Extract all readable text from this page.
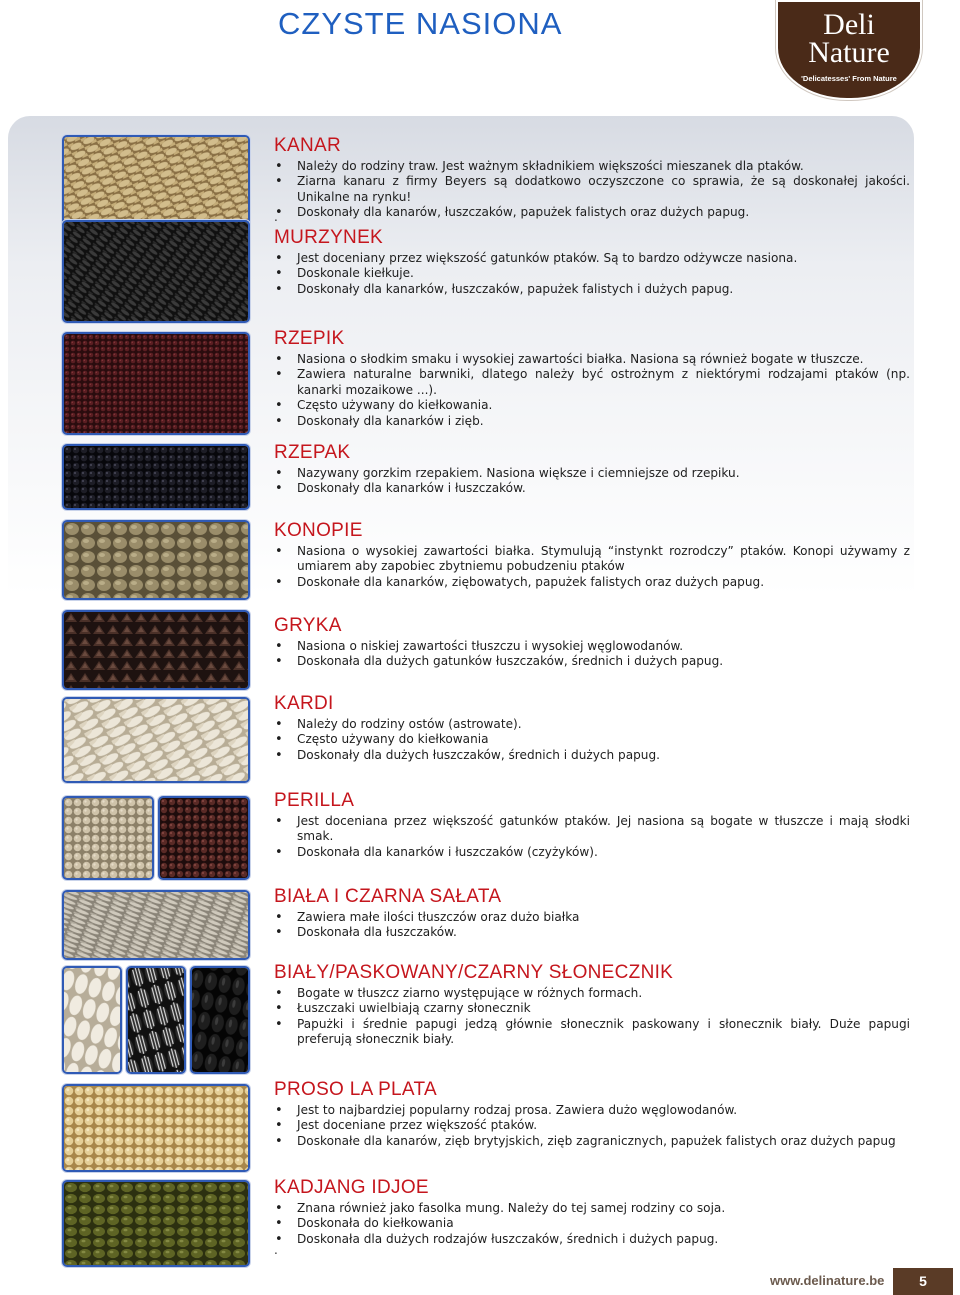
CZYSTE NASIONA	Deli
Nature
'Delicatesses' From Nature
KANAR
• Należy do rodziny traw. Jest ważnym składnikiem większości mieszanek dla ptaków.
• Ziarna kanaru z firmy Beyers są dodatkowo oczyszczone co sprawia, że są doskonałej jakości. Unikalne na rynku!
• Doskonały dla kanarów, łuszczaków, papużek falistych oraz dużych papug.
.
MURZYNEK
• Jest doceniany przez większość gatunków ptaków. Są to bardzo odżywcze nasiona.
• Doskonale kiełkuje.
• Doskonały dla kanarków, łuszczaków, papużek falistych i dużych papug.
RZEPIK
• Nasiona o słodkim smaku i wysokiej zawartości białka. Nasiona są również bogate w tłuszcze.
• Zawiera naturalne barwniki, dlatego należy być ostrożnym z niektórymi rodzajami ptaków (np. kanarki mozaikowe ...).
• Często używany do kiełkowania.
• Doskonały dla kanarków i zięb.
RZEPAK
• Nazywany gorzkim rzepakiem. Nasiona większe i ciemniejsze od rzepiku.
• Doskonały dla kanarków i łuszczaków.
KONOPIE
• Nasiona o wysokiej zawartości białka. Stymulują “instynkt rozrodczy” ptaków. Konopi używamy z umiarem aby zapobiec zbytniemu pobudzeniu ptaków
• Doskonałe dla kanarków, ziębowatych, papużek falistych oraz dużych papug.
GRYKA
• Nasiona o niskiej zawartości tłuszczu i wysokiej węglowodanów.
• Doskonała dla dużych gatunków łuszczaków, średnich i dużych papug.
KARDI
• Należy do rodziny ostów (astrowate).
• Często używany do kiełkowania
• Doskonały dla dużych łuszczaków, średnich i dużych papug.
PERILLA
• Jest doceniana przez większość gatunków ptaków. Jej nasiona są bogate w tłuszcze i mają słodki smak.
• Doskonała dla kanarków i łuszczaków (czyżyków).
BIAŁA I CZARNA SAŁATA
• Zawiera małe ilości tłuszczów oraz dużo białka
• Doskonała dla łuszczaków.
BIAŁY/PASKOWANY/CZARNY SŁONECZNIK
• Bogate w tłuszcz ziarno występujące w różnych formach.
• Łuszczaki uwielbiają czarny słonecznik
• Papużki i średnie papugi jedzą głównie słonecznik paskowany i słonecznik biały. Duże papugi preferują słonecznik biały.
PROSO LA PLATA
• Jest to najbardziej popularny rodzaj prosa. Zawiera dużo węglowodanów.
• Jest doceniane przez większość ptaków.
• Doskonałe dla kanarów, zięb brytyjskich, zięb zagranicznych, papużek falistych oraz dużych papug
KADJANG IDJOE
• Znana również jako fasolka mung. Należy do tej samej rodziny co soja.
• Doskonała do kiełkowania
• Doskonała dla dużych rodzajów łuszczaków, średnich i dużych papug.
.
www.delinature.be	5
